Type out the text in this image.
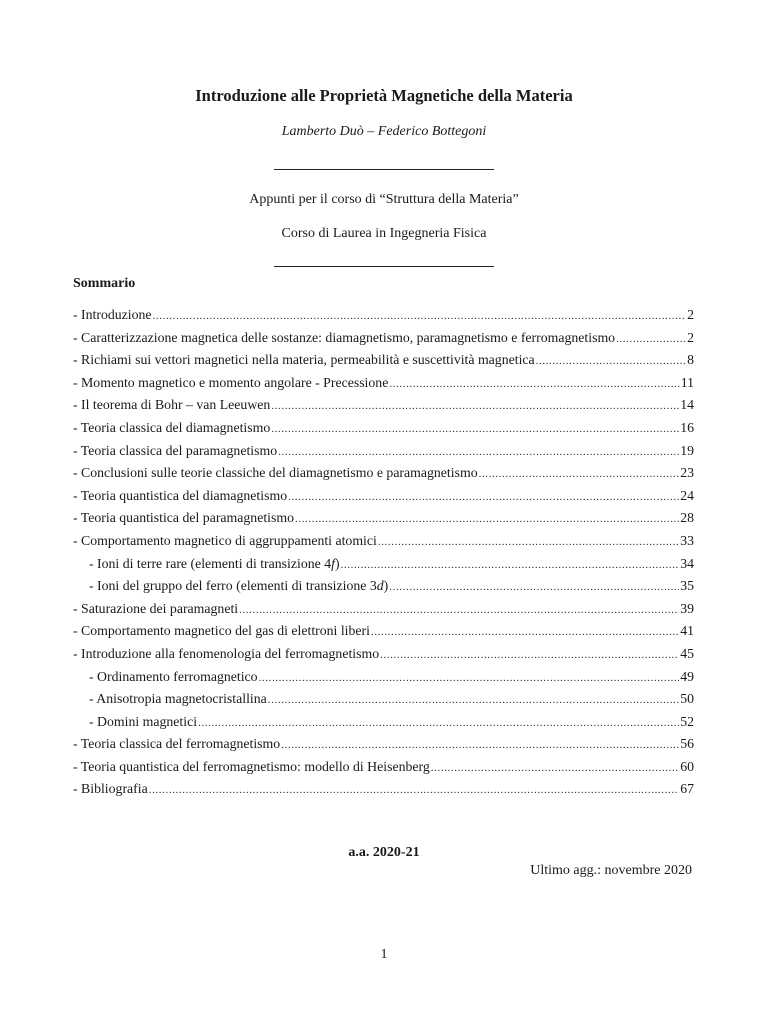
Introduzione alle Proprietà Magnetiche della Materia
Lamberto Duò – Federico Bottegoni
Appunti per il corso di “Struttura della Materia”
Corso di Laurea in Ingegneria Fisica
Sommario
- Introduzione .....	2
- Caratterizzazione magnetica delle sostanze: diamagnetismo, paramagnetismo e ferromagnetismo .....	2
- Richiami sui vettori magnetici nella materia, permeabilità e suscettività magnetica .....	8
- Momento magnetico e momento angolare - Precessione .....	11
- Il teorema di Bohr – van Leeuwen .....	14
- Teoria classica del diamagnetismo .....	16
- Teoria classica del paramagnetismo .....	19
- Conclusioni sulle teorie classiche del diamagnetismo e paramagnetismo .....	23
- Teoria quantistica del diamagnetismo .....	24
- Teoria quantistica del paramagnetismo .....	28
- Comportamento magnetico di aggruppamenti atomici .....	33
- Ioni di terre rare (elementi di transizione 4f) .....	34
- Ioni del gruppo del ferro (elementi di transizione 3d) .....	35
- Saturazione dei paramagneti .....	39
- Comportamento magnetico del gas di elettroni liberi .....	41
- Introduzione alla fenomenologia del ferromagnetismo .....	45
- Ordinamento ferromagnetico .....	49
- Anisotropia magnetocristallina .....	50
- Domini magnetici .....	52
- Teoria classica del ferromagnetismo .....	56
- Teoria quantistica del ferromagnetismo: modello di Heisenberg .....	60
- Bibliografia .....	67
a.a. 2020-21
Ultimo agg.: novembre 2020
1
